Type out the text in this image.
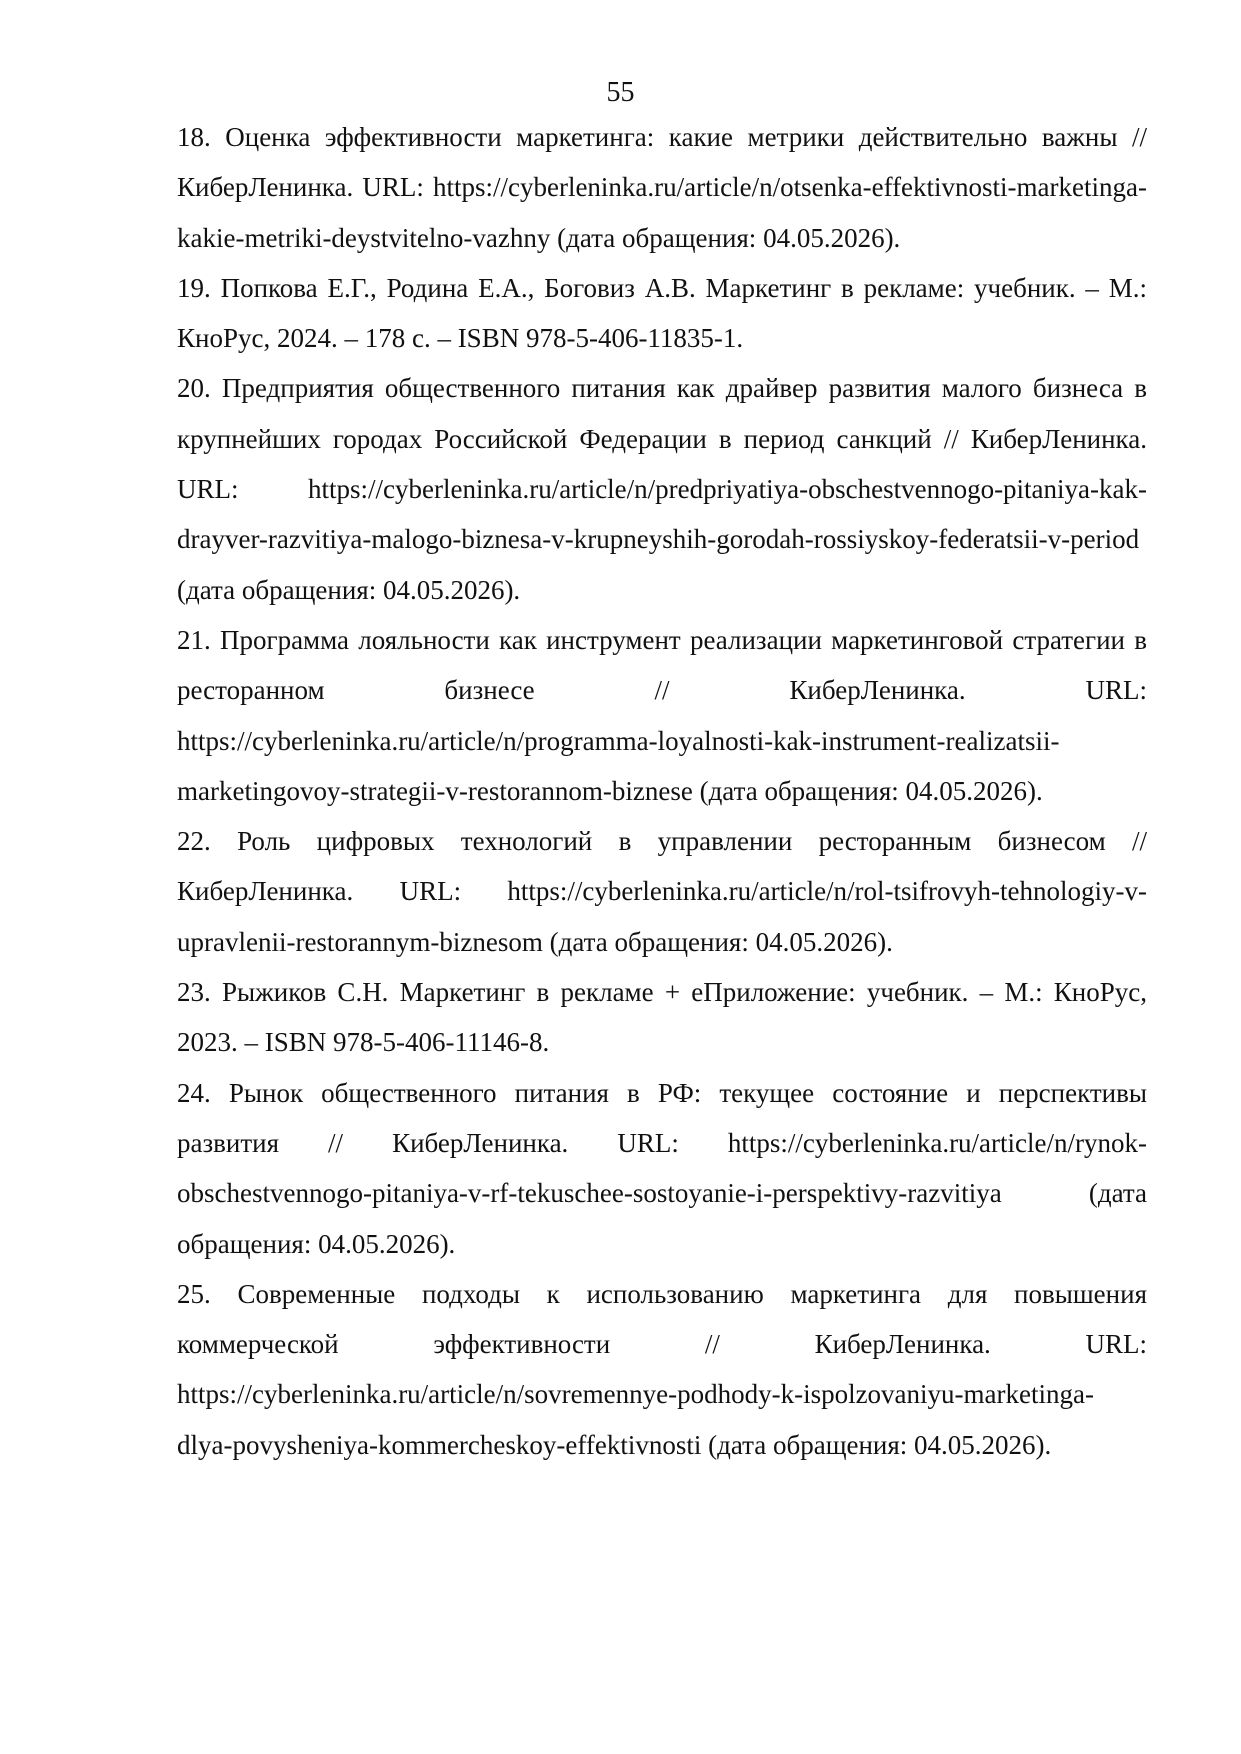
55
18. Оценка эффективности маркетинга: какие метрики действительно важны // КиберЛенинка. URL: https://cyberleninka.ru/article/n/otsenka-effektivnosti-marketinga-kakie-metriki-deystvitelno-vazhny (дата обращения: 04.05.2026).
19. Попкова Е.Г., Родина Е.А., Боговиз А.В. Маркетинг в рекламе: учебник. – М.: КноРус, 2024. – 178 с. – ISBN 978-5-406-11835-1.
20. Предприятия общественного питания как драйвер развития малого бизнеса в крупнейших городах Российской Федерации в период санкций // КиберЛенинка. URL: https://cyberleninka.ru/article/n/predpriyatiya-obschestvennogo-pitaniya-kak-drayver-razvitiya-malogo-biznesa-v-krupneyshih-gorodah-rossiyskoy-federatsii-v-period (дата обращения: 04.05.2026).
21. Программа лояльности как инструмент реализации маркетинговой стратегии в ресторанном бизнесе // КиберЛенинка. URL: https://cyberleninka.ru/article/n/programma-loyalnosti-kak-instrument-realizatsii-marketingovoy-strategii-v-restorannom-biznese (дата обращения: 04.05.2026).
22. Роль цифровых технологий в управлении ресторанным бизнесом // КиберЛенинка. URL: https://cyberleninka.ru/article/n/rol-tsifrovyh-tehnologiy-v-upravlenii-restorannym-biznesom (дата обращения: 04.05.2026).
23. Рыжиков С.Н. Маркетинг в рекламе + еПриложение: учебник. – М.: КноРус, 2023. – ISBN 978-5-406-11146-8.
24. Рынок общественного питания в РФ: текущее состояние и перспективы развития // КиберЛенинка. URL: https://cyberleninka.ru/article/n/rynok-obschestvennogo-pitaniya-v-rf-tekuschee-sostoyanie-i-perspektivy-razvitiya (дата обращения: 04.05.2026).
25. Современные подходы к использованию маркетинга для повышения коммерческой эффективности // КиберЛенинка. URL: https://cyberleninka.ru/article/n/sovremennye-podhody-k-ispolzovaniyu-marketinga-dlya-povysheniya-kommercheskoy-effektivnosti (дата обращения: 04.05.2026).
